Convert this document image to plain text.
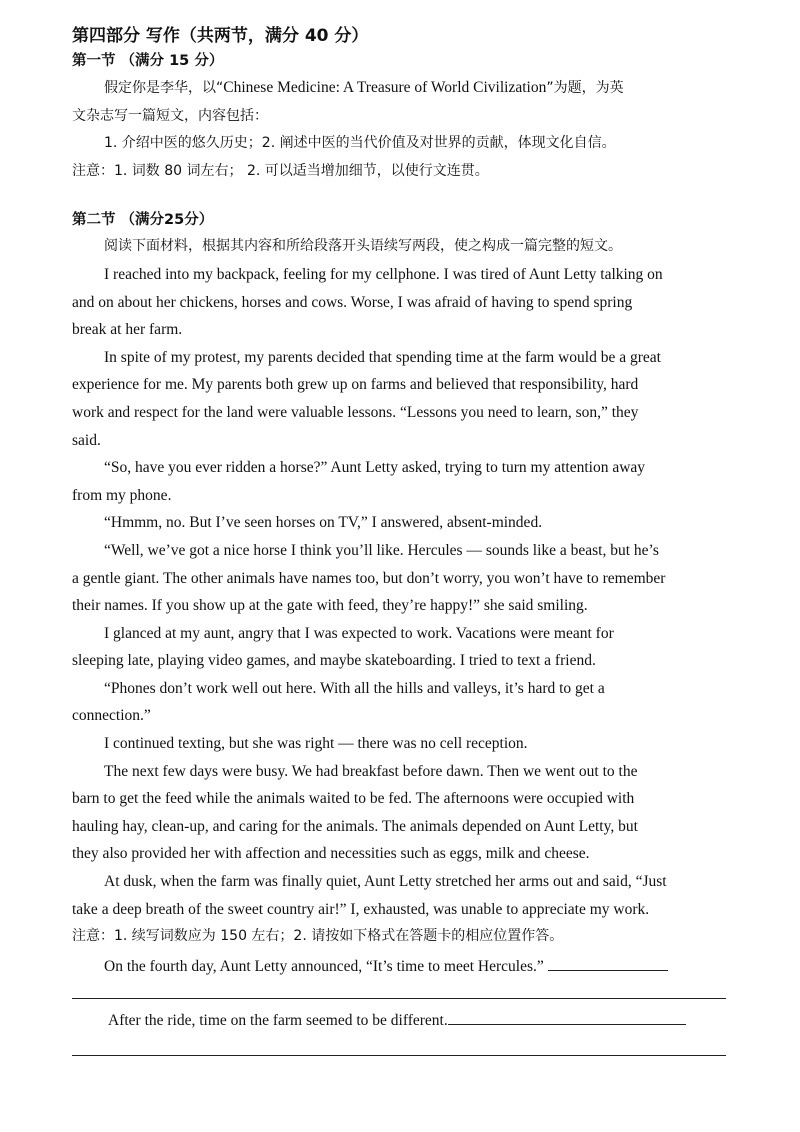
第四部分 写作（共两节，满分 40 分）
第一节 （满分 15 分）

假定你是李华，以“Chinese Medicine: A Treasure of World Civilization”为题，为英

文杂志写一篇短文，内容包括：

1. 介绍中医的悠久历史；2. 阐述中医的当代价值及对世界的贡献，体现文化自信。

注意：1. 词数 80 词左右； 2. 可以适当增加细节，以使行文连贯。

第二节 （满分25分）

阅读下面材料，根据其内容和所给段落开头语续写两段，使之构成一篇完整的短文。

I reached into my backpack, feeling for my cellphone. I was tired of Aunt Letty talking on

and on about her chickens, horses and cows. Worse, I was afraid of having to spend spring

break at her farm.

In spite of my protest, my parents decided that spending time at the farm would be a great

experience for me. My parents both grew up on farms and believed that responsibility, hard

work and respect for the land were valuable lessons. “Lessons you need to learn, son,” they

said.

“So, have you ever ridden a horse?” Aunt Letty asked, trying to turn my attention away

from my phone.

“Hmmm, no. But I’ve seen horses on TV,” I answered, absent-minded.

“Well, we’ve got a nice horse I think you’ll like. Hercules — sounds like a beast, but he’s

a gentle giant. The other animals have names too, but don’t worry, you won’t have to remember

their names. If you show up at the gate with feed, they’re happy!” she said smiling.

I glanced at my aunt, angry that I was expected to work. Vacations were meant for

sleeping late, playing video games, and maybe skateboarding. I tried to text a friend.

“Phones don’t work well out here. With all the hills and valleys, it’s hard to get a

connection.”

I continued texting, but she was right — there was no cell reception.

The next few days were busy. We had breakfast before dawn. Then we went out to the

barn to get the feed while the animals waited to be fed. The afternoons were occupied with

hauling hay, clean-up, and caring for the animals. The animals depended on Aunt Letty, but

they also provided her with affection and necessities such as eggs, milk and cheese.

At dusk, when the farm was finally quiet, Aunt Letty stretched her arms out and said, “Just

take a deep breath of the sweet country air!” I, exhausted, was unable to appreciate my work.

注意：1. 续写词数应为 150 左右；2. 请按如下格式在答题卡的相应位置作答。

On the fourth day, Aunt Letty announced, “It’s time to meet Hercules.”

After the ride, time on the farm seemed to be different.
